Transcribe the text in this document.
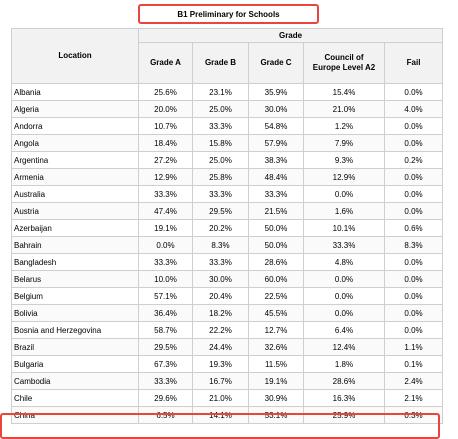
B1 Preliminary for Schools
Location	Grade				
	Grade A	Grade B	Grade C	Council of Europe Level A2	Fail
Albania	25.6%	23.1%	35.9%	15.4%	0.0%
Algeria	20.0%	25.0%	30.0%	21.0%	4.0%
Andorra	10.7%	33.3%	54.8%	1.2%	0.0%
Angola	18.4%	15.8%	57.9%	7.9%	0.0%
Argentina	27.2%	25.0%	38.3%	9.3%	0.2%
Armenia	12.9%	25.8%	48.4%	12.9%	0.0%
Australia	33.3%	33.3%	33.3%	0.0%	0.0%
Austria	47.4%	29.5%	21.5%	1.6%	0.0%
Azerbaijan	19.1%	20.2%	50.0%	10.1%	0.6%
Bahrain	0.0%	8.3%	50.0%	33.3%	8.3%
Bangladesh	33.3%	33.3%	28.6%	4.8%	0.0%
Belarus	10.0%	30.0%	60.0%	0.0%	0.0%
Belgium	57.1%	20.4%	22.5%	0.0%	0.0%
Bolivia	36.4%	18.2%	45.5%	0.0%	0.0%
Bosnia and Herzegovina	58.7%	22.2%	12.7%	6.4%	0.0%
Brazil	29.5%	24.4%	32.6%	12.4%	1.1%
Bulgaria	67.3%	19.3%	11.5%	1.8%	0.1%
Cambodia	33.3%	16.7%	19.1%	28.6%	2.4%
Chile	29.6%	21.0%	30.9%	16.3%	2.1%
China	6.5%	14.1%	53.1%	25.9%	0.3%
